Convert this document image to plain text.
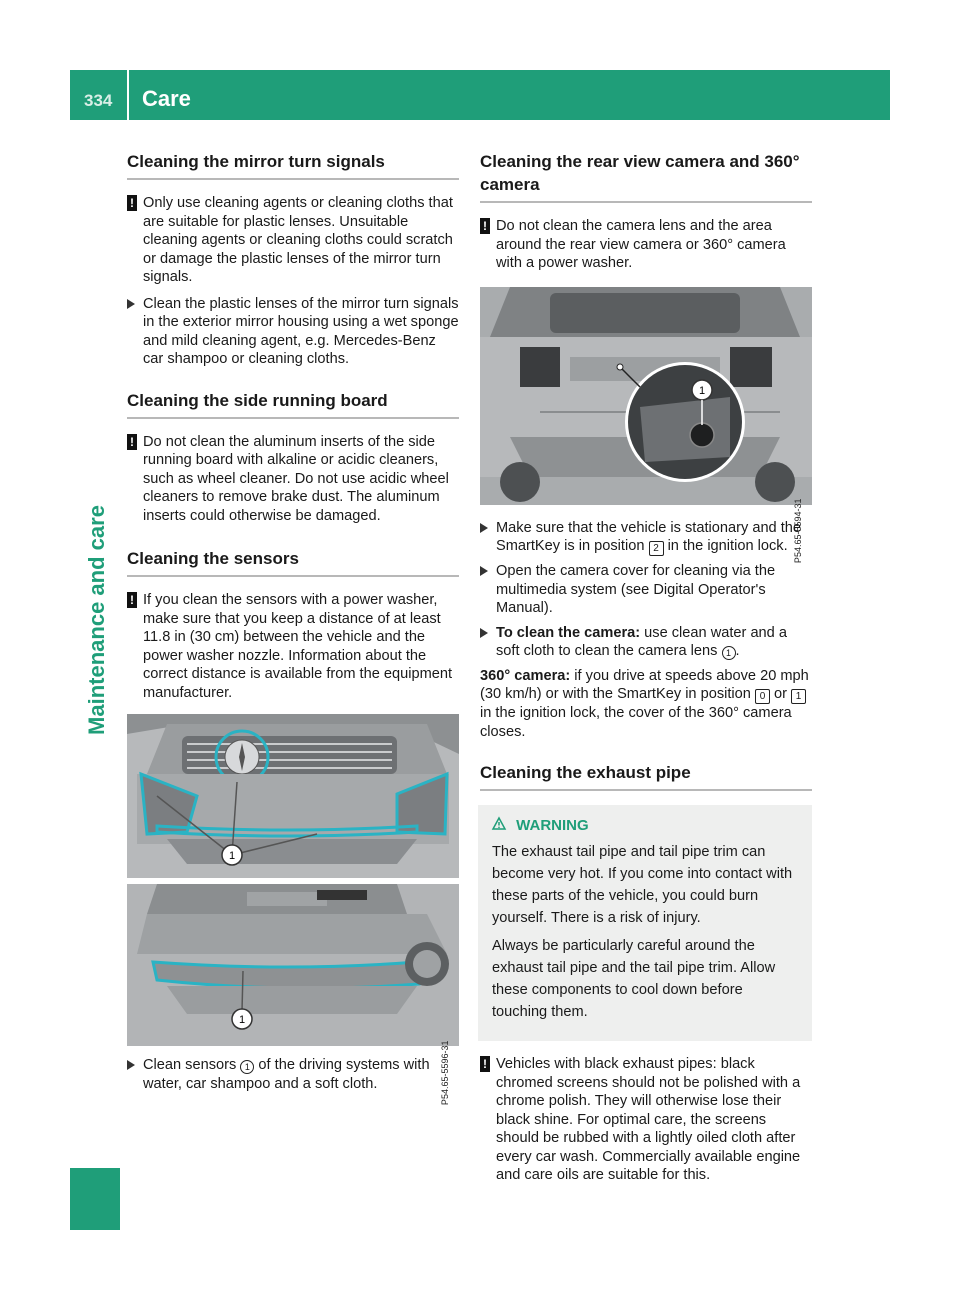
334 Care
Maintenance and care
Cleaning the mirror turn signals
! Only use cleaning agents or cleaning cloths that are suitable for plastic lenses. Unsuitable cleaning agents or cleaning cloths could scratch or damage the plastic lenses of the mirror turn signals.
Clean the plastic lenses of the mirror turn signals in the exterior mirror housing using a wet sponge and mild cleaning agent, e.g. Mercedes-Benz car shampoo or cleaning cloths.
Cleaning the side running board
! Do not clean the aluminum inserts of the side running board with alkaline or acidic cleaners, such as wheel cleaner. Do not use acidic wheel cleaners to remove brake dust. The aluminum inserts could otherwise be damaged.
Cleaning the sensors
! If you clean the sensors with a power washer, make sure that you keep a distance of at least 11.8 in (30 cm) between the vehicle and the power washer nozzle. Information about the correct distance is available from the equipment manufacturer.
1
1
P54.65-5596-31
Clean sensors 1 of the driving systems with water, car shampoo and a soft cloth.
Cleaning the rear view camera and 360° camera
! Do not clean the camera lens and the area around the rear view camera or 360° camera with a power washer.
1
P54.65-5594-31
Make sure that the vehicle is stationary and the SmartKey is in position 2 in the ignition lock.
Open the camera cover for cleaning via the multimedia system (see Digital Operator's Manual).
To clean the camera: use clean water and a soft cloth to clean the camera lens 1 .

360° camera: if you drive at speeds above 20 mph (30 km/h) or with the SmartKey in position 0 or 1 in the ignition lock, the cover of the 360° camera closes.

Cleaning the exhaust pipe
WARNING

The exhaust tail pipe and tail pipe trim can become very hot. If you come into contact with these parts of the vehicle, you could burn yourself. There is a risk of injury.

Always be particularly careful around the exhaust tail pipe and the tail pipe trim. Allow these components to cool down before touching them.

! Vehicles with black exhaust pipes: black chromed screens should not be polished with a chrome polish. They will otherwise lose their black shine. For optimal care, the screens should be rubbed with a lightly oiled cloth after every car wash. Commercially available engine and care oils are suitable for this.
